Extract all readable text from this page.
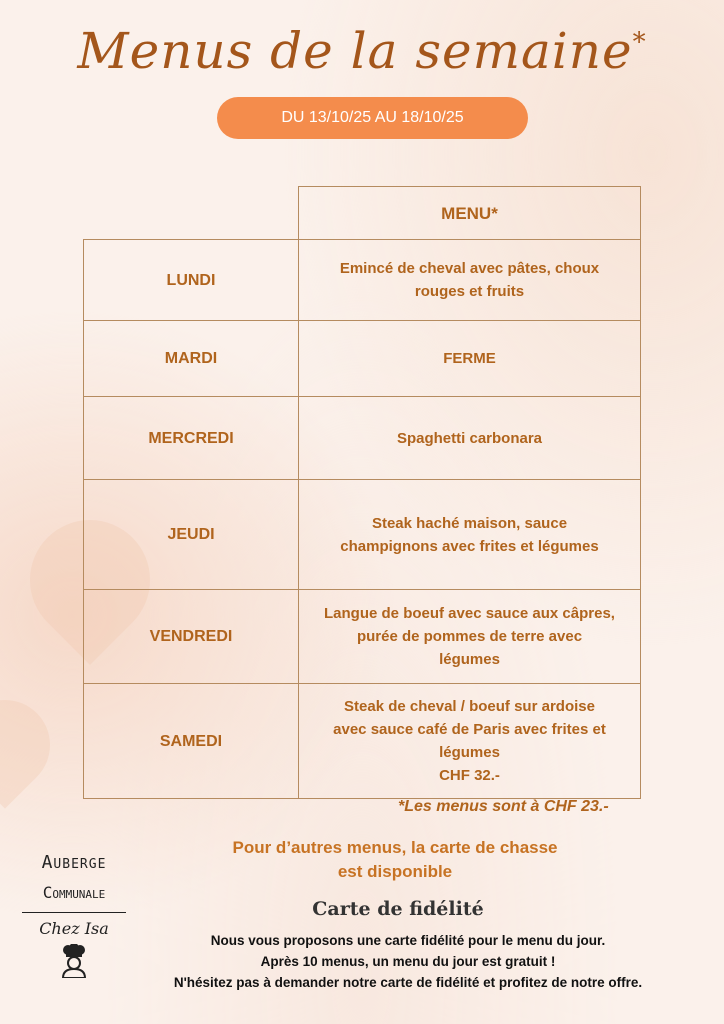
Menus de la semaine*
DU 13/10/25 AU 18/10/25
	MENU*
LUNDI	Emincé de cheval avec pâtes, choux
rouges et fruits

MARDI	FERME

MERCREDI	Spaghetti carbonara

JEUDI	Steak haché maison, sauce
champignons avec frites et légumes

VENDREDI	Langue de boeuf avec sauce aux câpres,
purée de pommes de terre avec
légumes

SAMEDI	Steak de cheval / boeuf sur ardoise
avec sauce café de Paris avec frites et
légumes
CHF 32.-
*Les menus sont à CHF 23.-
Pour d’autres menus, la carte de chasse
est disponible
Auberge
Communale
Chez Isa
Carte de fidélité
Nous vous proposons une carte fidélité pour le menu du jour.
Après 10 menus, un menu du jour est gratuit !
N'hésitez pas à demander notre carte de fidélité et profitez de notre offre.
